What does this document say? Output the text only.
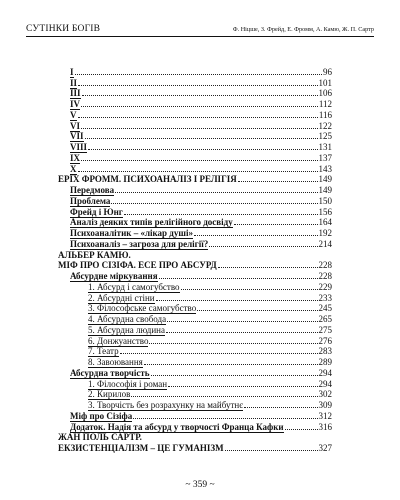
СУТІНКИ БОГІВ	Ф. Ніцше, З. Фрейд, Е. Фромм, А. Камю, Ж. П. Сартр
I	96
II	101
III	106
IV	112
V	116
VI	122
VII	125
VIII	131
IX	137
X	143
ЕРІХ ФРОММ. ПСИХОАНАЛІЗ І РЕЛІГІЯ	149
Передмова	149
Проблема	150
Фрейд і Юнг	156
Аналіз деяких типів релігійного досвіду	164
Психоаналітик – «лікар душі»	192
Психоаналіз – загроза для релігії?	214
АЛЬБЕР КАМЮ.
МІФ ПРО СІЗІФА. ЕСЕ ПРО АБСУРД	228
Абсурдне міркування	228
1. Абсурд і самогубство	229
2. Абсурдні стіни	233
3. Філософське самогубство	245
4. Абсурдна свобода	265
5. Абсурдна людина	275
6. Донжуанство	276
7. Театр	283
8. Завоювання	289
Абсурдна творчість	294
1. Філософія і роман	294
2. Кирилов	302
3. Творчість без розрахунку на майбутнє	309
Міф про Сізіфа	312
Додаток. Надія та абсурд у творчості Франца Кафки	316
ЖАН ПОЛЬ САРТР.
ЕКЗИСТЕНЦІАЛІЗМ – ЦЕ ГУМАНІЗМ	327
~ 359 ~
